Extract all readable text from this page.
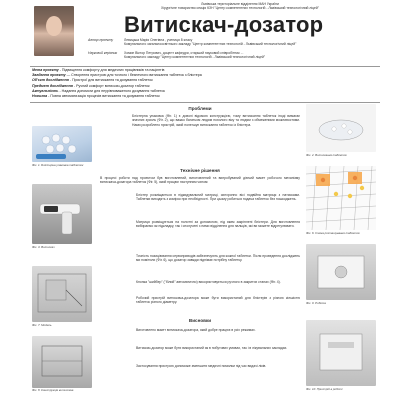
Львівська територіальне відділення МАН України
Хірургічне товариство секція КЗН "Центр компетентних технологій - Львівський технологічний ліцей"
Витискач-дозатор
Автор проекту	Левицька Марія Олегівна , учениця 8 класу
Комунального загальноосвітнього закладу "Центр компетентних технологій - Львівський технологічний ліцей"
Науковий керівник Хомин Віктор Петрович, доцент кафедри, старший науковий співробітник ...
Комунального закладу "Центр компетентних технологій - Львівський технологічний ліцей"
Мета проекту - Підвищення комфорту для медичних працівників та пацієнтів
Завдання проекту — Створення пристрою для точного і безпечного витискання таблеток з блістера
Об'єкт дослідження - Пристрої для витискання та дозування таблеток
Предмет дослідження - Ручний комфорт витискач-дозатор таблеток
Актуальність - Надання допомоги для неурівноваженого дозування таблеток
Новизна - Повна автоматизація процесів витискання та дозування таблеток
Фіг. 1. Блістерна упаковка таблеток
Фіг. 3. Витискач
Фіг. 7. Модель
Фіг. 8. Конструкція витискача
Проблеми
Блістерна упаковка (Фіг. 1) є доволі відомою конструкцією, тому витискання таблеток іноді вимагає значних зусиль (Фіг. 2), що важко багатьом людям похилого віку та людям з обмеженими можливостями. Нами розроблено пристрій, який полегшує витискання таблеток із блістера.
Технічне рішення
В процесі роботи над проектом був виготовлений, виготовлений та випробуваний діючий макет робочого механізму витискача-дозатора таблеток (Фіг. 5), який працює наступним чином:
Блістер розміщається в підкидувальний матриці, синхронно вісі подвійна матриця з натисками. Таблетки виходять з комірок при необхідності. При цьому робиться подача таблеток без пошкоджень.
Матриця розміщується на полотні за допомогою, під яким закріплені блістери. Для виготовлення вибираємо як підкладку, так і сполучені з ними відділення для пальців, які ви можете відрегулювати.
Точність позиціювання сервоприводів забезпечують для кожної таблетки. Після проведення досліджень ми помітили (Фіг. 6), що дозатор завжди піднімає потрібну таблетку.
Кнопка "шийбер" ("білий" автоматично) використовується ручного в закритих станах (Фіг. 4).
Робочий пристрій витискача-дозатора може бути використаний для блістерів з різною кількістю таблеток різного діаметру.
Висновки
Виготовлено макет витискача-дозатора, який добре працює в усіх режимах.
Витискач-дозатор може бути використаний як в побутових умовах, так і в лікувальних закладах.
Застосування пристрою допоможе зменшити медичні помилки під час видачі ліків.
Фіг. 2. Витискання таблеток
Фіг. 6. Схема розташування таблеток
Фіг. 9. Робота
Фіг. 10. Пристрій в роботі
